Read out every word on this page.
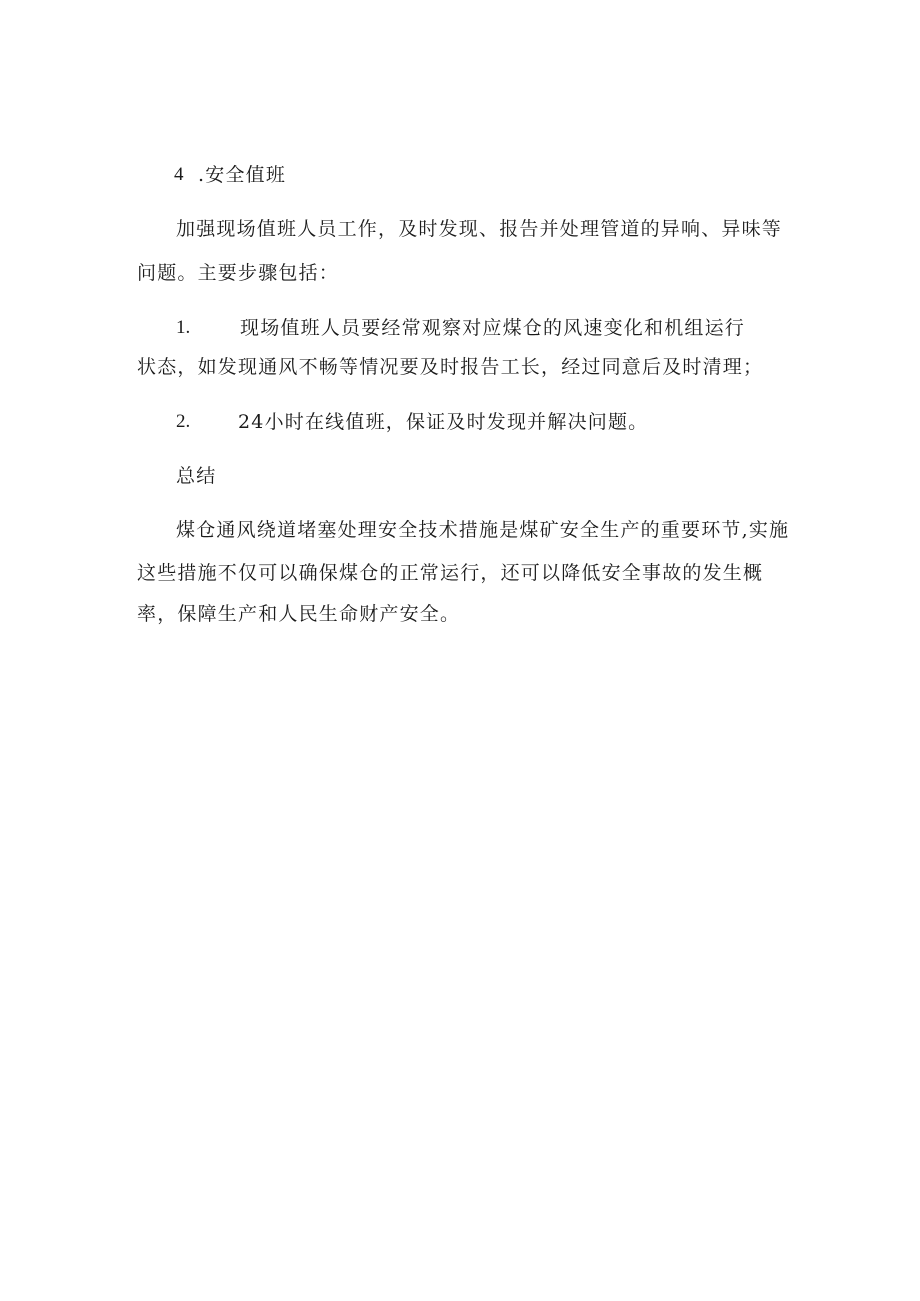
4 .安全值班
加强现场值班人员工作，及时发现、报告并处理管道的异响、异味等
问题。主要步骤包括：
1.	现场值班人员要经常观察对应煤仓的风速变化和机组运行
状态，如发现通风不畅等情况要及时报告工长，经过同意后及时清理；
2.	24小时在线值班，保证及时发现并解决问题。
总结
煤仓通风绕道堵塞处理安全技术措施是煤矿安全生产的重要环节,实施
这些措施不仅可以确保煤仓的正常运行，还可以降低安全事故的发生概
率，保障生产和人民生命财产安全。
